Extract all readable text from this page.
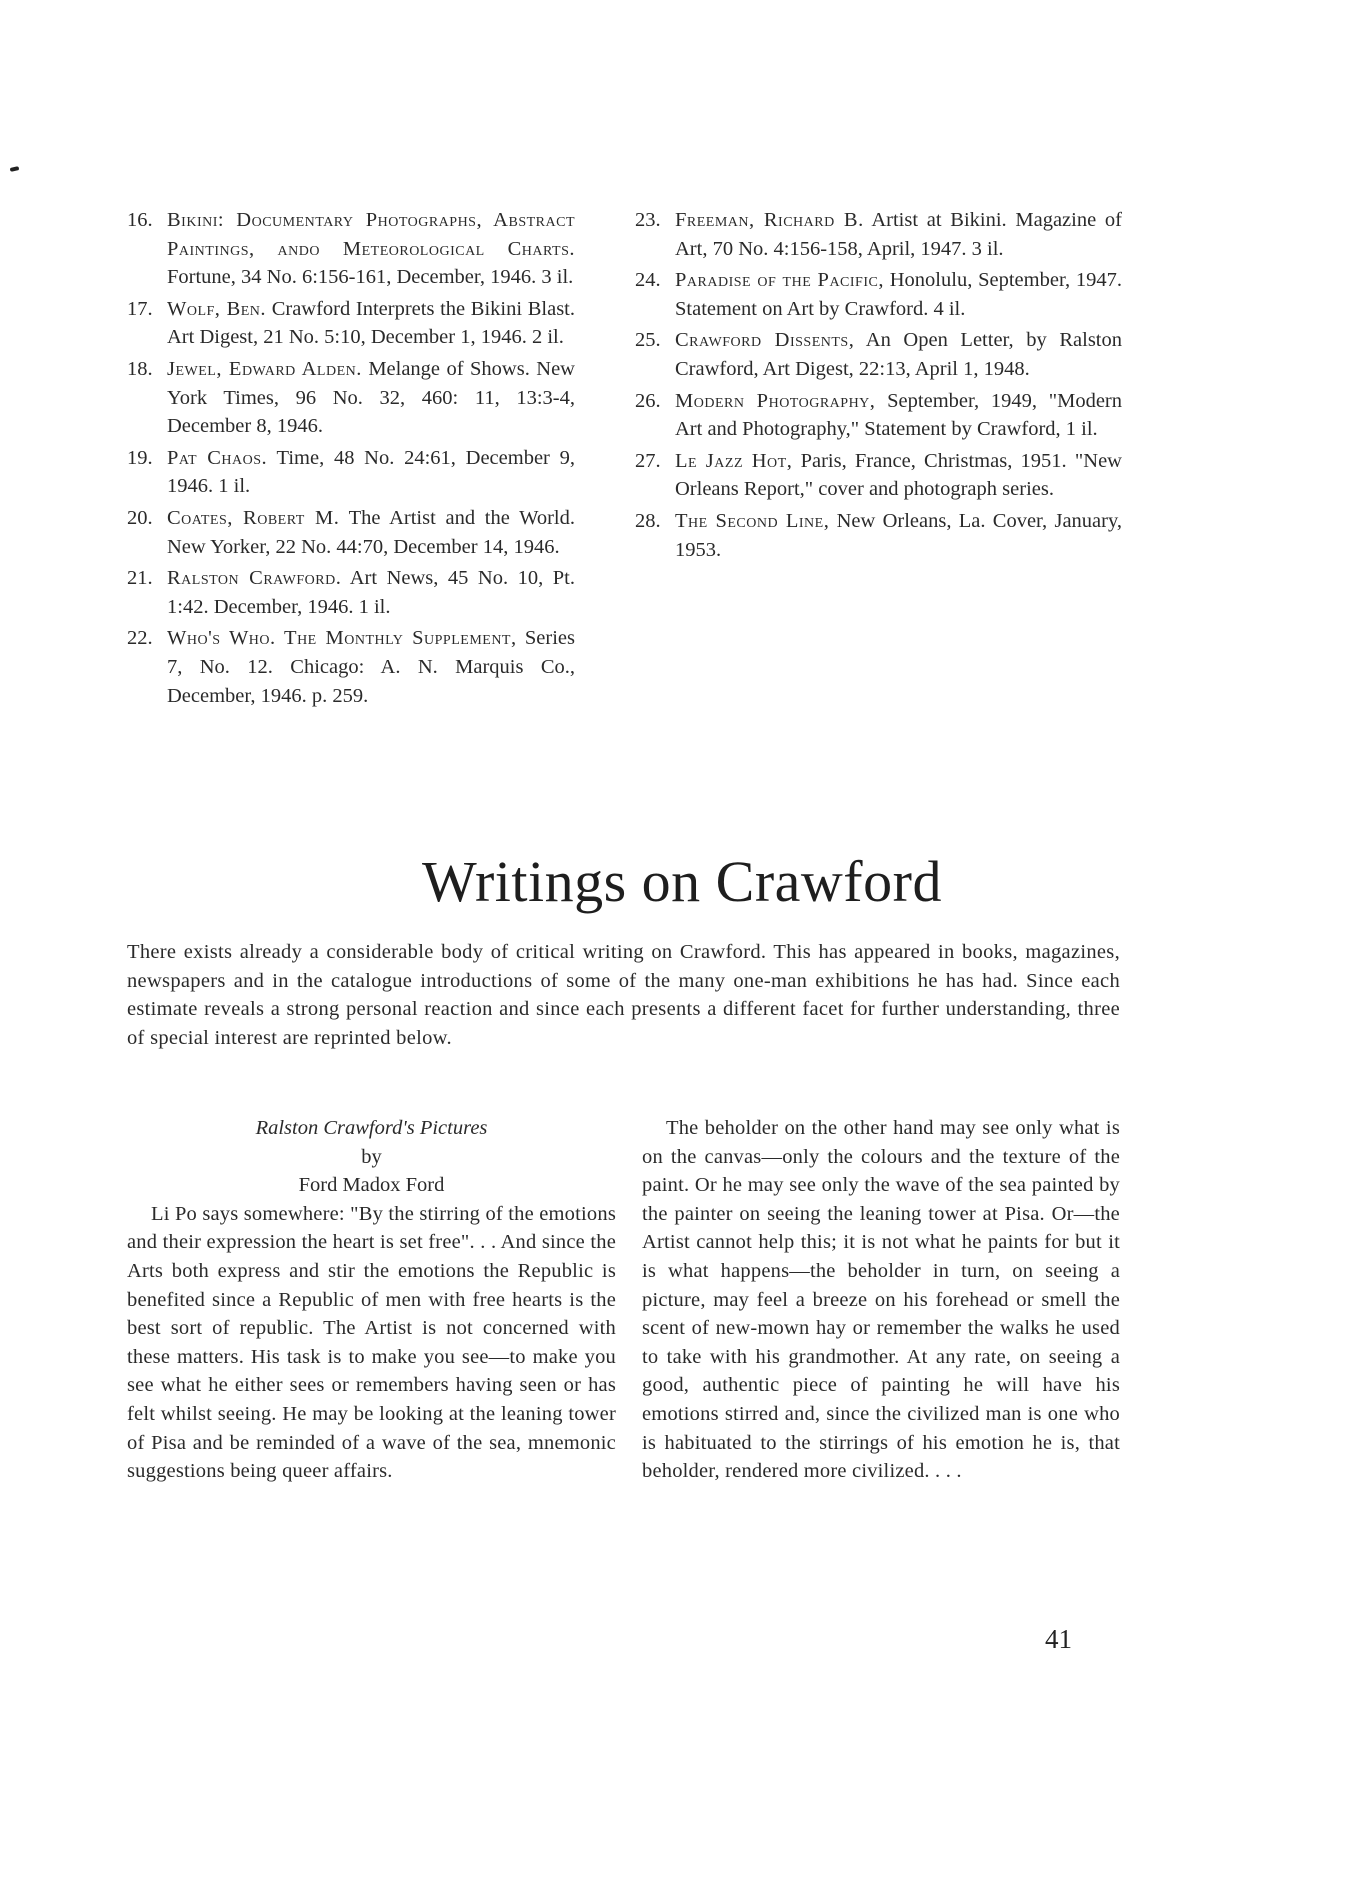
16. Bikini: Documentary Photographs, Abstract Paintings, ando Meteorological Charts. Fortune, 34 No. 6:156-161, December, 1946. 3 il.
17. Wolf, Ben. Crawford Interprets the Bikini Blast. Art Digest, 21 No. 5:10, December 1, 1946. 2 il.
18. Jewel, Edward Alden. Melange of Shows. New York Times, 96 No. 32, 460: 11, 13:3-4, December 8, 1946.
19. Pat Chaos. Time, 48 No. 24:61, December 9, 1946. 1 il.
20. Coates, Robert M. The Artist and the World. New Yorker, 22 No. 44:70, December 14, 1946.
21. Ralston Crawford. Art News, 45 No. 10, Pt. 1:42. December, 1946. 1 il.
22. Who's Who. The Monthly Supplement, Series 7, No. 12. Chicago: A. N. Marquis Co., December, 1946. p. 259.
23. Freeman, Richard B. Artist at Bikini. Magazine of Art, 70 No. 4:156-158, April, 1947. 3 il.
24. Paradise of the Pacific, Honolulu, September, 1947. Statement on Art by Crawford. 4 il.
25. Crawford Dissents, An Open Letter, by Ralston Crawford, Art Digest, 22:13, April 1, 1948.
26. Modern Photography, September, 1949, "Modern Art and Photography," Statement by Crawford, 1 il.
27. Le Jazz Hot, Paris, France, Christmas, 1951. "New Orleans Report," cover and photograph series.
28. The Second Line, New Orleans, La. Cover, January, 1953.
Writings on Crawford

There exists already a considerable body of critical writing on Crawford. This has appeared in books, magazines, newspapers and in the catalogue introductions of some of the many one-man exhibitions he has had. Since each estimate reveals a strong personal reaction and since each presents a different facet for further understanding, three of special interest are reprinted below.

Ralston Crawford's Pictures

by

Ford Madox Ford

Li Po says somewhere: "By the stirring of the emotions and their expression the heart is set free". . . And since the Arts both express and stir the emotions the Republic is benefited since a Republic of men with free hearts is the best sort of republic. The Artist is not concerned with these matters. His task is to make you see—to make you see what he either sees or remembers having seen or has felt whilst seeing. He may be looking at the leaning tower of Pisa and be reminded of a wave of the sea, mnemonic suggestions being queer affairs.

The beholder on the other hand may see only what is on the canvas—only the colours and the texture of the paint. Or he may see only the wave of the sea painted by the painter on seeing the leaning tower at Pisa. Or—the Artist cannot help this; it is not what he paints for but it is what happens—the beholder in turn, on seeing a picture, may feel a breeze on his forehead or smell the scent of new-mown hay or remember the walks he used to take with his grandmother. At any rate, on seeing a good, authentic piece of painting he will have his emotions stirred and, since the civilized man is one who is habituated to the stirrings of his emotion he is, that beholder, rendered more civilized. . . .

41
